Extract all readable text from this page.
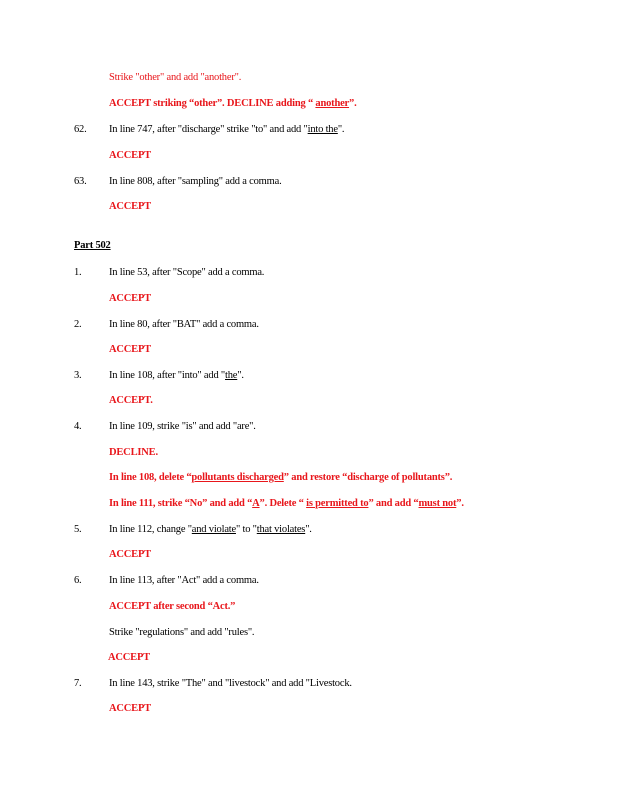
Strike "other" and add "another".
ACCEPT striking “other”. DECLINE adding “ another”.
62. In line 747, after "discharge" strike "to" and add "into the".
ACCEPT
63. In line 808, after "sampling" add a comma.
ACCEPT
Part 502
1.	In line 53, after "Scope" add a comma.
ACCEPT
2.	In line 80, after "BAT" add a comma.
ACCEPT
3.	In line 108, after "into" add "the".
ACCEPT.
4.	In line 109, strike "is" and add "are".
DECLINE.
In line 108, delete “pollutants discharged” and restore “discharge of pollutants”.
In line 111, strike “No” and add “A”. Delete “ is permitted to” and add “must not”.
5.	In line 112, change "and violate" to "that violates".
ACCEPT
6.	In line 113, after "Act" add a comma.
ACCEPT after second “Act.”
Strike "regulations" and add "rules".
ACCEPT
7.	In line 143, strike "The" and "livestock" and add "Livestock.
ACCEPT
